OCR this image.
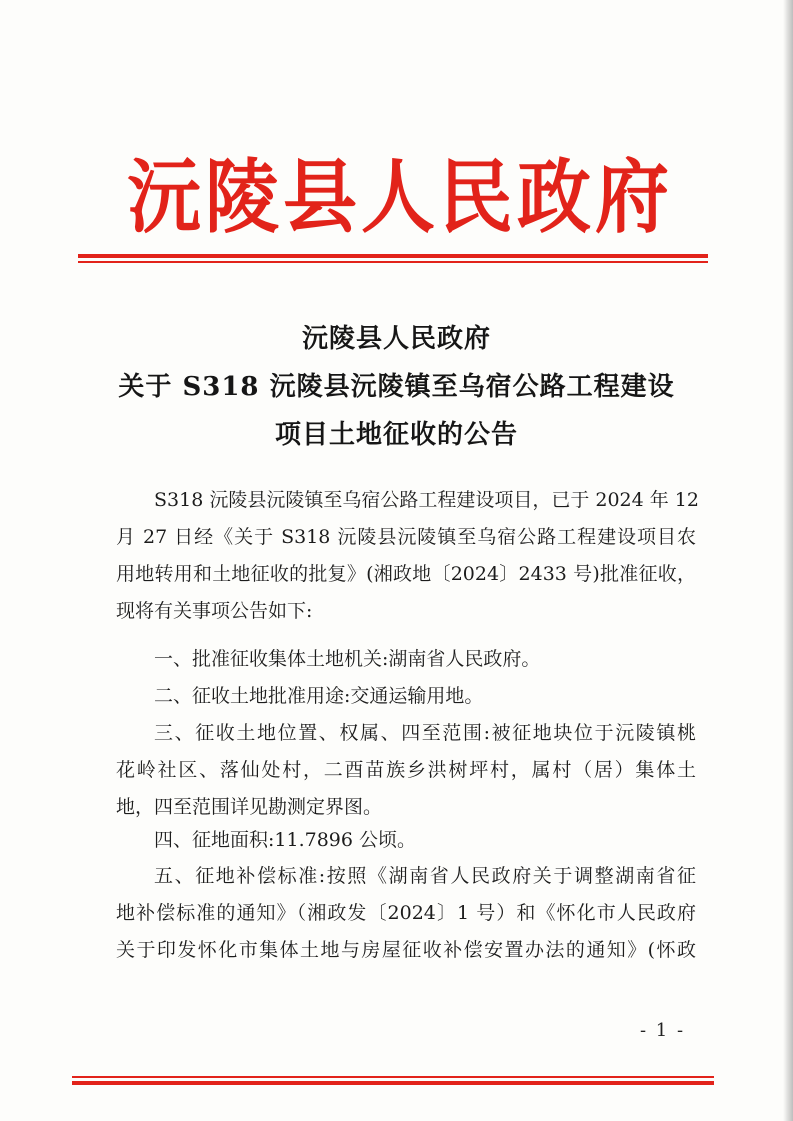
沅陵县人民政府
沅陵县人民政府
关于 S318 沅陵县沅陵镇至乌宿公路工程建设
项目土地征收的公告
S318 沅陵县沅陵镇至乌宿公路工程建设项目，已于 2024 年 12
月 27 日经《关于 S318 沅陵县沅陵镇至乌宿公路工程建设项目农
用地转用和土地征收的批复》(湘政地〔2024〕2433 号)批准征收，
现将有关事项公告如下:
一、批准征收集体土地机关:湖南省人民政府。
二、征收土地批准用途:交通运输用地。
三、征收土地位置、权属、四至范围:被征地块位于沅陵镇桃
花岭社区、落仙处村，二酉苗族乡洪树坪村，属村（居）集体土
地，四至范围详见勘测定界图。
四、征地面积:11.7896 公顷。
五、征地补偿标准:按照《湖南省人民政府关于调整湖南省征
地补偿标准的通知》（湘政发〔2024〕1 号）和《怀化市人民政府
关于印发怀化市集体土地与房屋征收补偿安置办法的通知》(怀政
- 1 -
